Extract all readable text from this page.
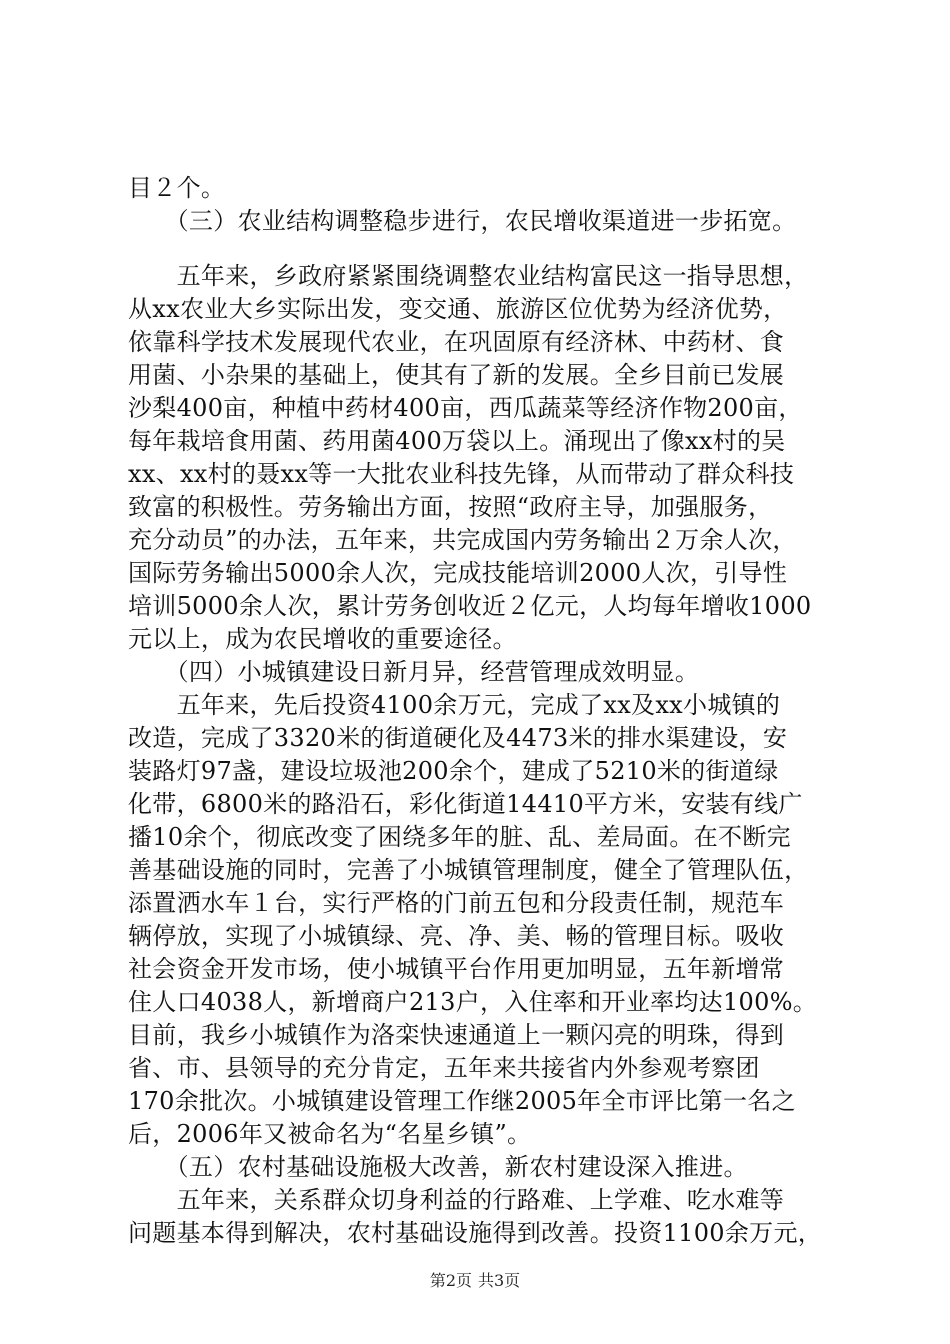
目２个。
　　（三）农业结构调整稳步进行，农民增收渠道进一步拓宽。
　　五年来，乡政府紧紧围绕调整农业结构富民这一指导思想，
从xx农业大乡实际出发，变交通、旅游区位优势为经济优势，
依靠科学技术发展现代农业，在巩固原有经济林、中药材、食
用菌、小杂果的基础上，使其有了新的发展。全乡目前已发展
沙梨400亩，种植中药材400亩，西瓜蔬菜等经济作物200亩，
每年栽培食用菌、药用菌400万袋以上。涌现出了像xx村的吴
xx、xx村的聂xx等一大批农业科技先锋，从而带动了群众科技
致富的积极性。劳务输出方面，按照“政府主导，加强服务，
充分动员”的办法，五年来，共完成国内劳务输出２万余人次，
国际劳务输出5000余人次，完成技能培训2000人次，引导性
培训5000余人次，累计劳务创收近２亿元，人均每年增收1000
元以上，成为农民增收的重要途径。
　　（四）小城镇建设日新月异，经营管理成效明显。
　　五年来，先后投资4100余万元，完成了xx及xx小城镇的
改造，完成了3320米的街道硬化及4473米的排水渠建设，安
装路灯97盏，建设垃圾池200余个，建成了5210米的街道绿
化带，6800米的路沿石，彩化街道14410平方米，安装有线广
播10余个，彻底改变了困绕多年的脏、乱、差局面。在不断完
善基础设施的同时，完善了小城镇管理制度，健全了管理队伍，
添置洒水车１台，实行严格的门前五包和分段责任制，规范车
辆停放，实现了小城镇绿、亮、净、美、畅的管理目标。吸收
社会资金开发市场，使小城镇平台作用更加明显，五年新增常
住人口4038人，新增商户213户，入住率和开业率均达100%。
目前，我乡小城镇作为洛栾快速通道上一颗闪亮的明珠，得到
省、市、县领导的充分肯定，五年来共接省内外参观考察团
170余批次。小城镇建设管理工作继2005年全市评比第一名之
后，2006年又被命名为“名星乡镇”。
　　（五）农村基础设施极大改善，新农村建设深入推进。
　　五年来，关系群众切身利益的行路难、上学难、吃水难等
问题基本得到解决，农村基础设施得到改善。投资1100余万元，
第2页 共3页
